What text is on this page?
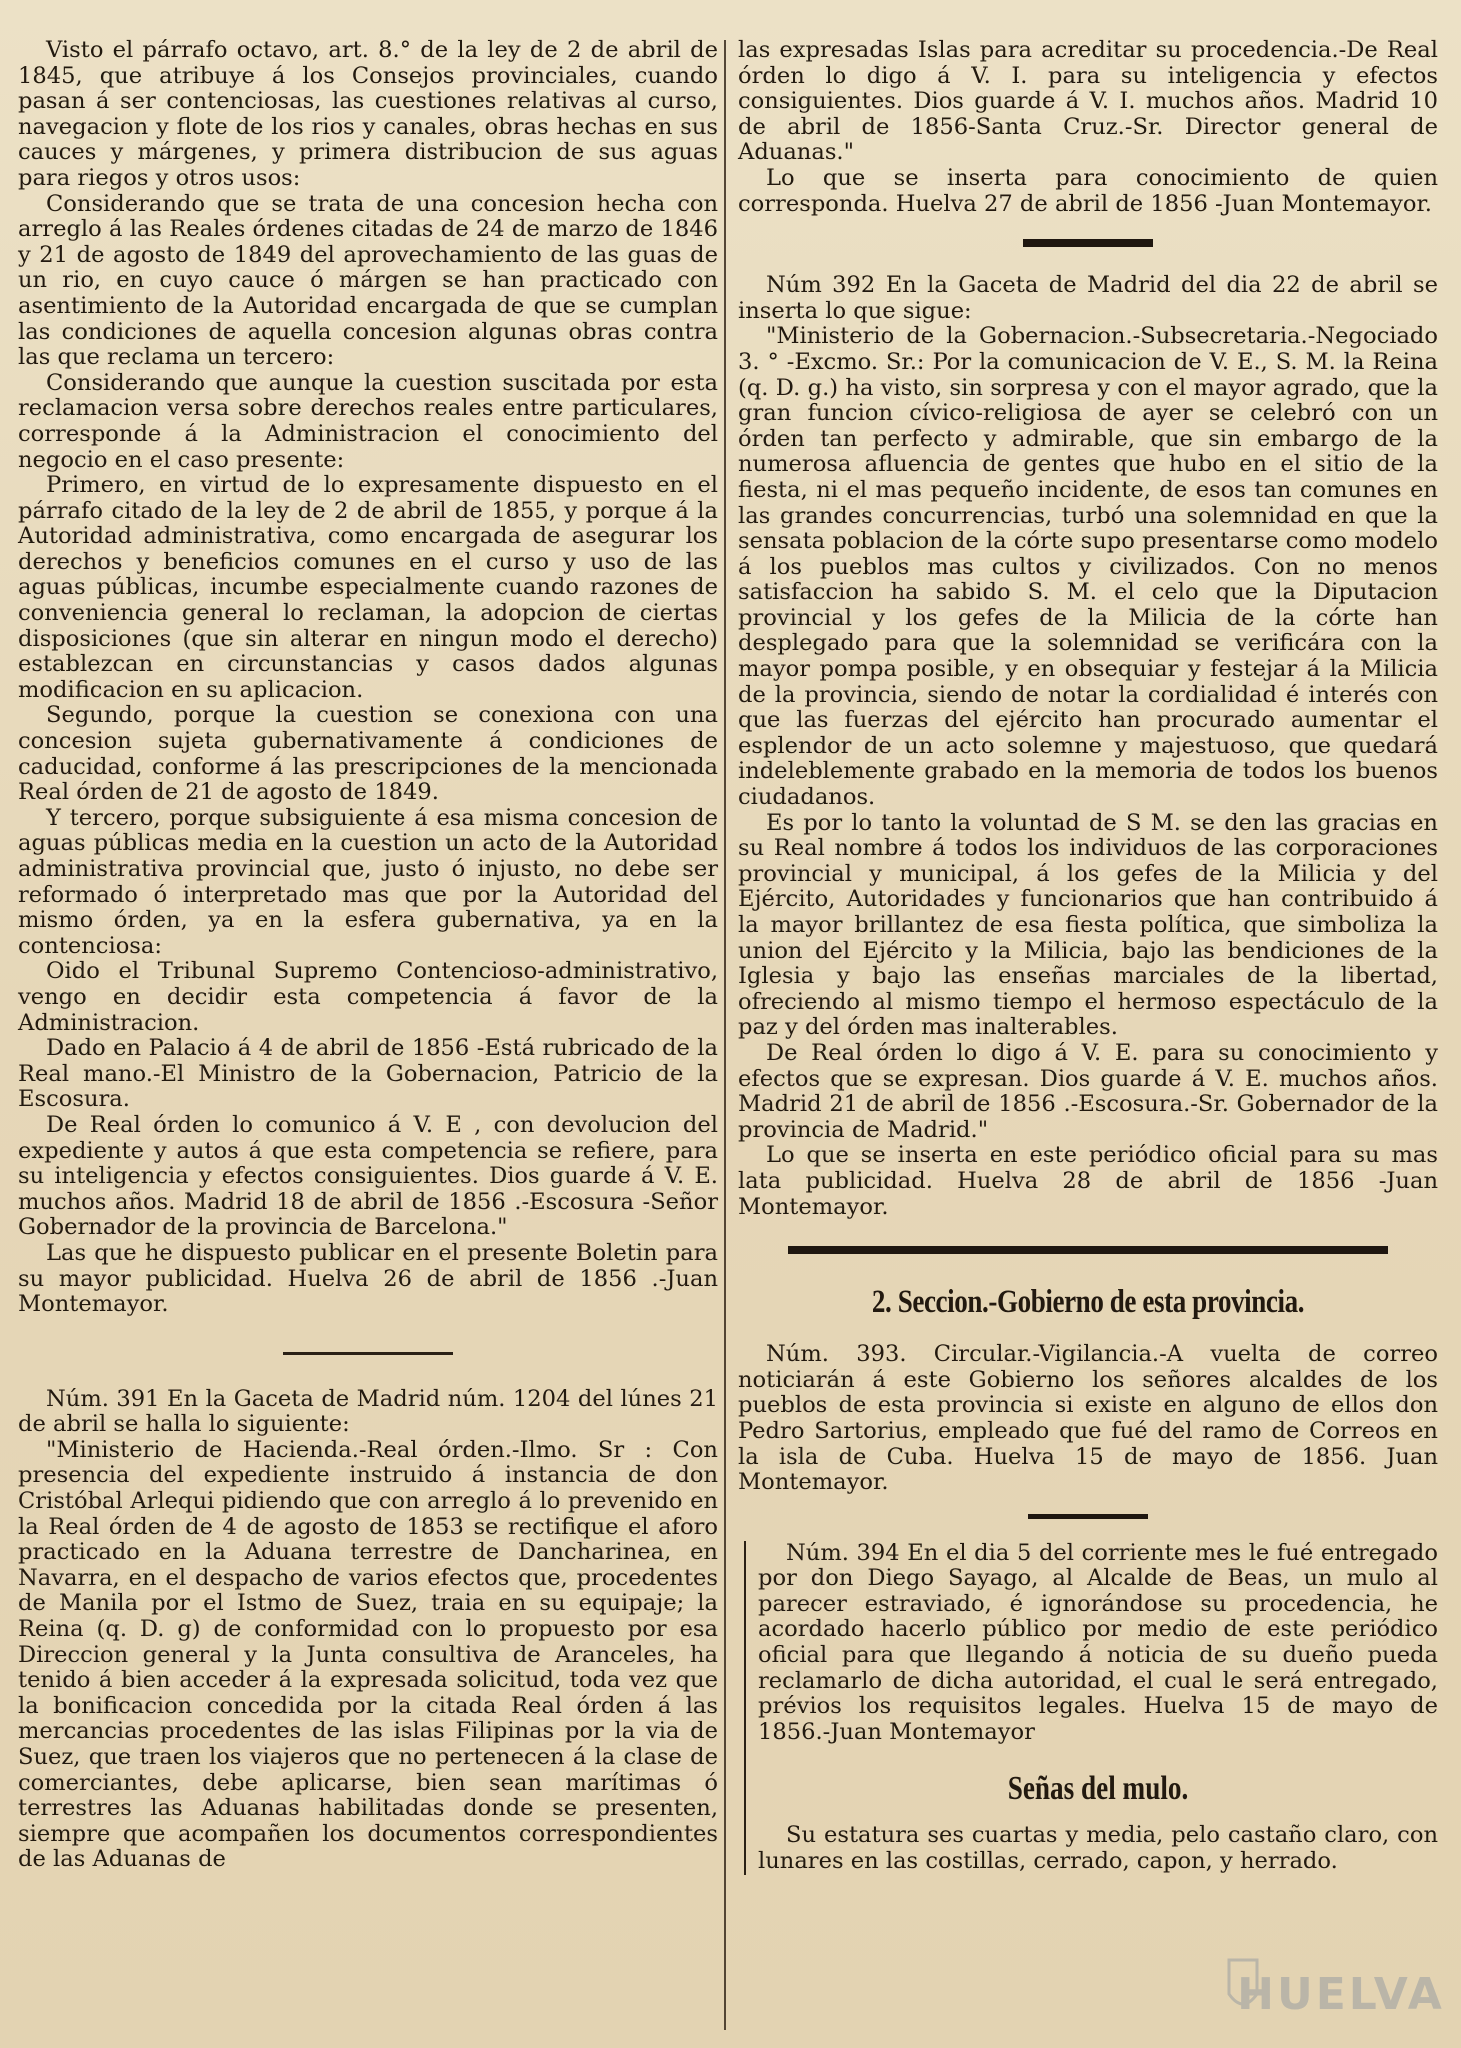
Visto el párrafo octavo, art. 8.° de la ley de 2 de abril de 1845, que atribuye á los Consejos provinciales, cuando pasan á ser contenciosas, las cuestiones relativas al curso, navegacion y flote de los rios y canales, obras hechas en sus cauces y márgenes, y primera distribucion de sus aguas para riegos y otros usos:

Considerando que se trata de una concesion hecha con arreglo á las Reales órdenes citadas de 24 de marzo de 1846 y 21 de agosto de 1849 del aprovechamiento de las guas de un rio, en cuyo cauce ó márgen se han practicado con asentimiento de la Autoridad encargada de que se cumplan las condiciones de aquella concesion algunas obras contra las que reclama un tercero:

Considerando que aunque la cuestion suscitada por esta reclamacion versa sobre derechos reales entre particulares, corresponde á la Administracion el conocimiento del negocio en el caso presente:

Primero, en virtud de lo expresamente dispuesto en el párrafo citado de la ley de 2 de abril de 1855, y porque á la Autoridad administrativa, como encargada de asegurar los derechos y beneficios comunes en el curso y uso de las aguas públicas, incumbe especialmente cuando razones de conveniencia general lo reclaman, la adopcion de ciertas disposiciones (que sin alterar en ningun modo el derecho) establezcan en circunstancias y casos dados algunas modificacion en su aplicacion.

Segundo, porque la cuestion se conexiona con una concesion sujeta gubernativamente á condiciones de caducidad, conforme á las prescripciones de la mencionada Real órden de 21 de agosto de 1849.

Y tercero, porque subsiguiente á esa misma concesion de aguas públicas media en la cuestion un acto de la Autoridad administrativa provincial que, justo ó injusto, no debe ser reformado ó interpretado mas que por la Autoridad del mismo órden, ya en la esfera gubernativa, ya en la contenciosa:

Oido el Tribunal Supremo Contencioso-administrativo, vengo en decidir esta competencia á favor de la Administracion.

Dado en Palacio á 4 de abril de 1856 -Está rubricado de la Real mano.-El Ministro de la Gobernacion, Patricio de la Escosura.

De Real órden lo comunico á V. E , con devolucion del expediente y autos á que esta competencia se refiere, para su inteligencia y efectos consiguientes. Dios guarde á V. E. muchos años. Madrid 18 de abril de 1856 .-Escosura -Señor Gobernador de la provincia de Barcelona."

Las que he dispuesto publicar en el presente Boletin para su mayor publicidad. Huelva 26 de abril de 1856 .-Juan Montemayor.

Núm. 391 En la Gaceta de Madrid núm. 1204 del lúnes 21 de abril se halla lo siguiente:

"Ministerio de Hacienda.-Real órden.-Ilmo. Sr : Con presencia del expediente instruido á instancia de don Cristóbal Arlequi pidiendo que con arreglo á lo prevenido en la Real órden de 4 de agosto de 1853 se rectifique el aforo practicado en la Aduana terrestre de Dancharinea, en Navarra, en el despacho de varios efectos que, procedentes de Manila por el Istmo de Suez, traia en su equipaje; la Reina (q. D. g) de conformidad con lo propuesto por esa Direccion general y la Junta consultiva de Aranceles, ha tenido á bien acceder á la expresada solicitud, toda vez que la bonificacion concedida por la citada Real órden á las mercancias procedentes de las islas Filipinas por la via de Suez, que traen los viajeros que no pertenecen á la clase de comerciantes, debe aplicarse, bien sean marítimas ó terrestres las Aduanas habilitadas donde se presenten, siempre que acompañen los documentos correspondientes de las Aduanas de

las expresadas Islas para acreditar su procedencia.-De Real órden lo digo á V. I. para su inteligencia y efectos consiguientes. Dios guarde á V. I. muchos años. Madrid 10 de abril de 1856-Santa Cruz.-Sr. Director general de Aduanas."

Lo que se inserta para conocimiento de quien corresponda. Huelva 27 de abril de 1856 -Juan Montemayor.

Núm 392 En la Gaceta de Madrid del dia 22 de abril se inserta lo que sigue:

"Ministerio de la Gobernacion.-Subsecretaria.-Negociado 3. ° -Excmo. Sr.: Por la comunicacion de V. E., S. M. la Reina (q. D. g.) ha visto, sin sorpresa y con el mayor agrado, que la gran funcion cívico-religiosa de ayer se celebró con un órden tan perfecto y admirable, que sin embargo de la numerosa afluencia de gentes que hubo en el sitio de la fiesta, ni el mas pequeño incidente, de esos tan comunes en las grandes concurrencias, turbó una solemnidad en que la sensata poblacion de la córte supo presentarse como modelo á los pueblos mas cultos y civilizados. Con no menos satisfaccion ha sabido S. M. el celo que la Diputacion provincial y los gefes de la Milicia de la córte han desplegado para que la solemnidad se verificára con la mayor pompa posible, y en obsequiar y festejar á la Milicia de la provincia, siendo de notar la cordialidad é interés con que las fuerzas del ejército han procurado aumentar el esplendor de un acto solemne y majestuoso, que quedará indeleblemente grabado en la memoria de todos los buenos ciudadanos.

Es por lo tanto la voluntad de S M. se den las gracias en su Real nombre á todos los individuos de las corporaciones provincial y municipal, á los gefes de la Milicia y del Ejército, Autoridades y funcionarios que han contribuido á la mayor brillantez de esa fiesta política, que simboliza la union del Ejército y la Milicia, bajo las bendiciones de la Iglesia y bajo las enseñas marciales de la libertad, ofreciendo al mismo tiempo el hermoso espectáculo de la paz y del órden mas inalterables.

De Real órden lo digo á V. E. para su conocimiento y efectos que se expresan. Dios guarde á V. E. muchos años. Madrid 21 de abril de 1856 .-Escosura.-Sr. Gobernador de la provincia de Madrid."

Lo que se inserta en este periódico oficial para su mas lata publicidad. Huelva 28 de abril de 1856 -Juan Montemayor.

2. Seccion.-Gobierno de esta provincia.

Núm. 393. Circular.-Vigilancia.-A vuelta de correo noticiarán á este Gobierno los señores alcaldes de los pueblos de esta provincia si existe en alguno de ellos don Pedro Sartorius, empleado que fué del ramo de Correos en la isla de Cuba. Huelva 15 de mayo de 1856. Juan Montemayor.

Núm. 394 En el dia 5 del corriente mes le fué entregado por don Diego Sayago, al Alcalde de Beas, un mulo al parecer estraviado, é ignorándose su procedencia, he acordado hacerlo público por medio de este periódico oficial para que llegando á noticia de su dueño pueda reclamarlo de dicha autoridad, el cual le será entregado, prévios los requisitos legales. Huelva 15 de mayo de 1856.-Juan Montemayor

Señas del mulo.

Su estatura ses cuartas y media, pelo castaño claro, con lunares en las costillas, cerrado, capon, y herrado.

HUELVA
